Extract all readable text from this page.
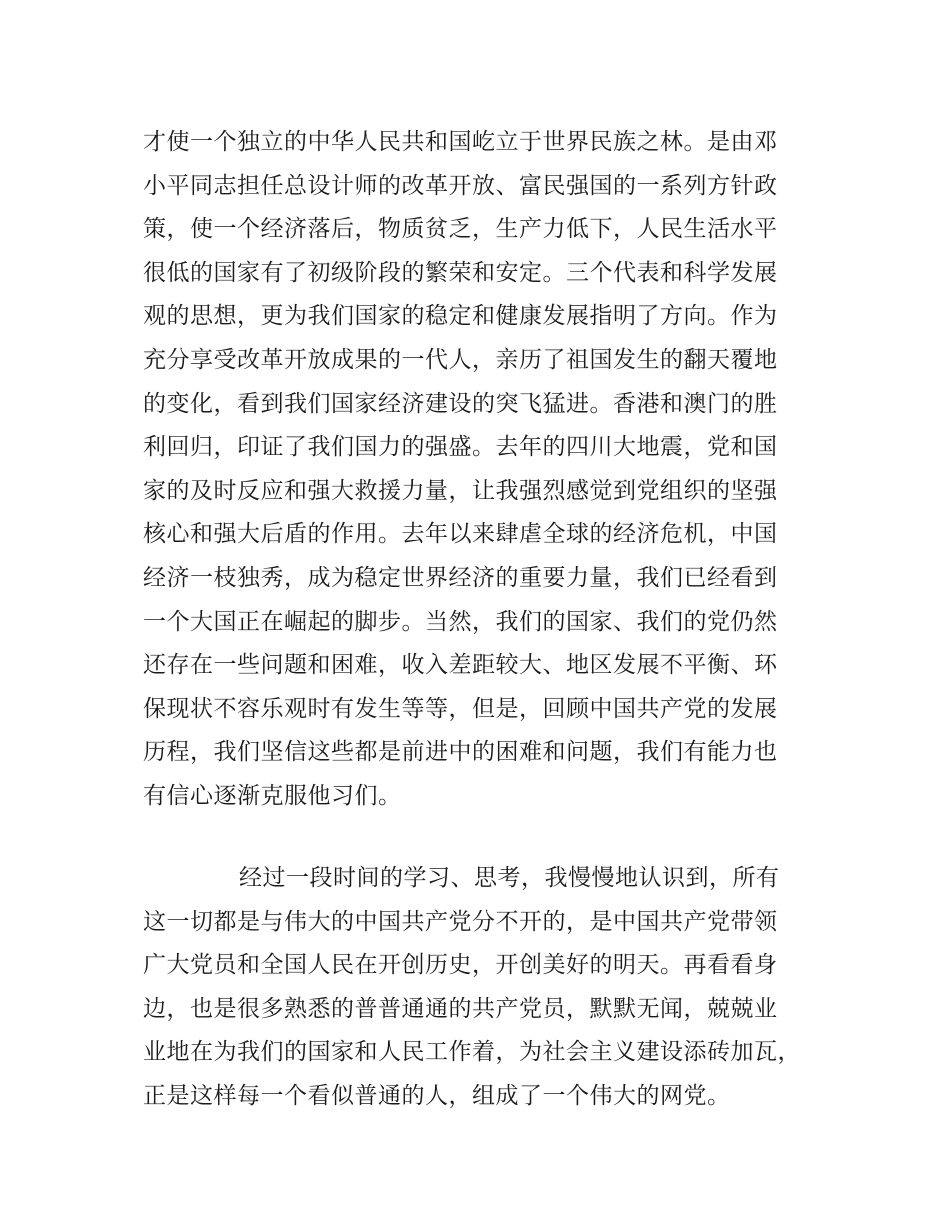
才使一个独立的中华人民共和国屹立于世界民族之林。是由邓
小平同志担任总设计师的改革开放、富民强国的一系列方针政
策，使一个经济落后，物质贫乏，生产力低下，人民生活水平
很低的国家有了初级阶段的繁荣和安定。三个代表和科学发展
观的思想，更为我们国家的稳定和健康发展指明了方向。作为
充分享受改革开放成果的一代人，亲历了祖国发生的翻天覆地
的变化，看到我们国家经济建设的突飞猛进。香港和澳门的胜
利回归，印证了我们国力的强盛。去年的四川大地震，党和国
家的及时反应和强大救援力量，让我强烈感觉到党组织的坚强
核心和强大后盾的作用。去年以来肆虐全球的经济危机，中国
经济一枝独秀，成为稳定世界经济的重要力量，我们已经看到
一个大国正在崛起的脚步。当然，我们的国家、我们的党仍然
还存在一些问题和困难，收入差距较大、地区发展不平衡、环
保现状不容乐观时有发生等等，但是，回顾中国共产党的发展
历程，我们坚信这些都是前进中的困难和问题，我们有能力也
有信心逐渐克服他习们。

经过一段时间的学习、思考，我慢慢地认识到，所有
这一切都是与伟大的中国共产党分不开的，是中国共产党带领
广大党员和全国人民在开创历史，开创美好的明天。再看看身
边，也是很多熟悉的普普通通的共产党员，默默无闻，兢兢业
业地在为我们的国家和人民工作着，为社会主义建设添砖加瓦，
正是这样每一个看似普通的人，组成了一个伟大的网党。
